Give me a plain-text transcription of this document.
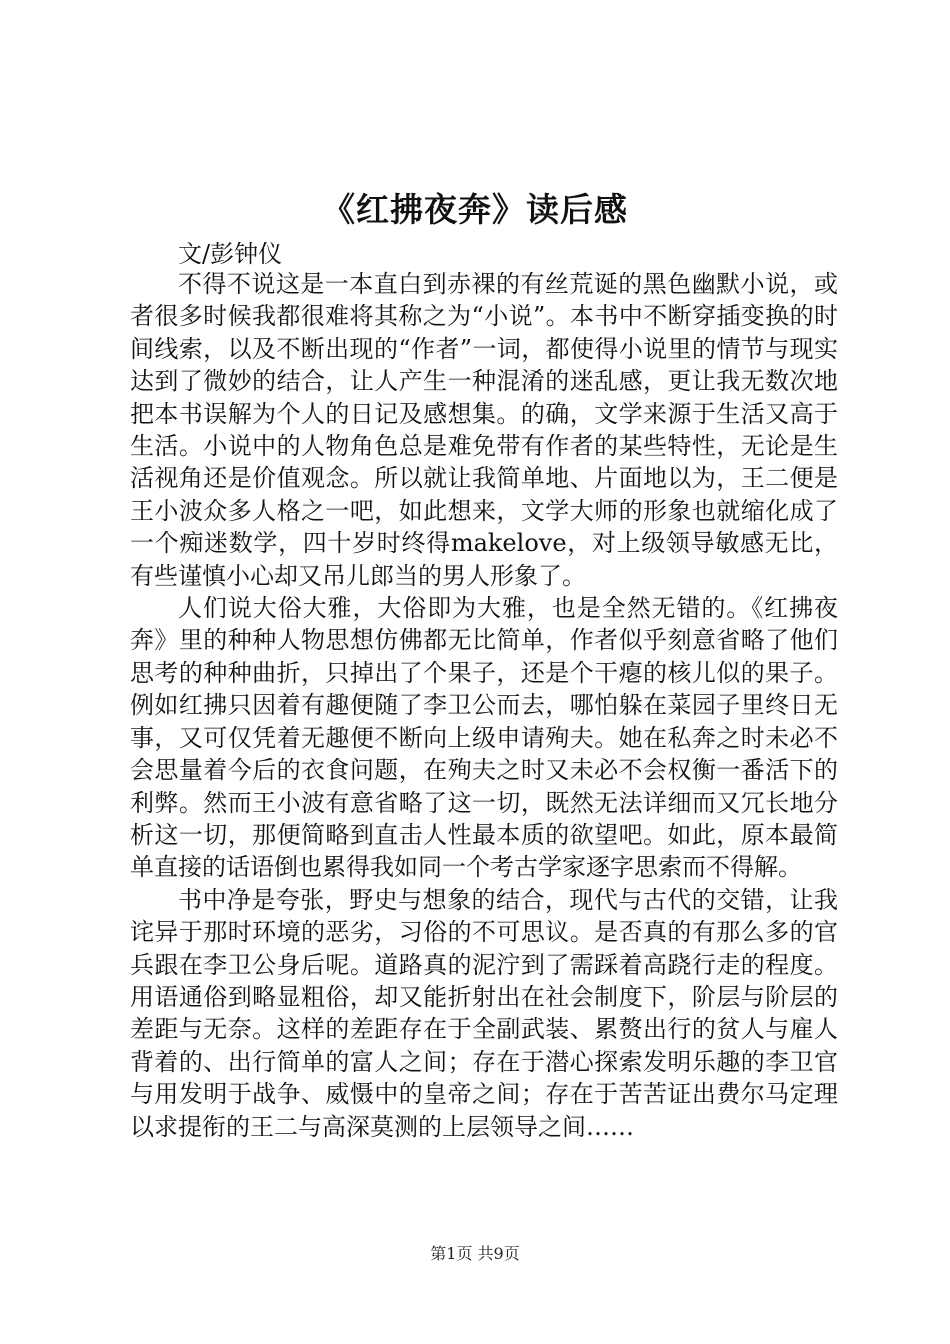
《红拂夜奔》读后感

文/彭钟仪

不得不说这是一本直白到赤裸的有丝荒诞的黑色幽默小说，或者很多时候我都很难将其称之为“小说”。本书中不断穿插变换的时间线索，以及不断出现的“作者”一词，都使得小说里的情节与现实达到了微妙的结合，让人产生一种混淆的迷乱感，更让我无数次地把本书误解为个人的日记及感想集。的确，文学来源于生活又高于生活。小说中的人物角色总是难免带有作者的某些特性，无论是生活视角还是价值观念。所以就让我简单地、片面地以为，王二便是王小波众多人格之一吧，如此想来，文学大师的形象也就缩化成了一个痴迷数学，四十岁时终得makelove，对上级领导敏感无比，有些谨慎小心却又吊儿郎当的男人形象了。

人们说大俗大雅，大俗即为大雅，也是全然无错的。《红拂夜奔》里的种种人物思想仿佛都无比简单，作者似乎刻意省略了他们思考的种种曲折，只掉出了个果子，还是个干瘪的核儿似的果子。例如红拂只因着有趣便随了李卫公而去，哪怕躲在菜园子里终日无事，又可仅凭着无趣便不断向上级申请殉夫。她在私奔之时未必不会思量着今后的衣食问题，在殉夫之时又未必不会权衡一番活下的利弊。然而王小波有意省略了这一切，既然无法详细而又冗长地分析这一切，那便简略到直击人性最本质的欲望吧。如此，原本最简单直接的话语倒也累得我如同一个考古学家逐字思索而不得解。

书中净是夸张，野史与想象的结合，现代与古代的交错，让我诧异于那时环境的恶劣，习俗的不可思议。是否真的有那么多的官兵跟在李卫公身后呢。道路真的泥泞到了需踩着高跷行走的程度。用语通俗到略显粗俗，却又能折射出在社会制度下，阶层与阶层的差距与无奈。这样的差距存在于全副武装、累赘出行的贫人与雇人背着的、出行简单的富人之间；存在于潜心探索发明乐趣的李卫官与用发明于战争、威慑中的皇帝之间；存在于苦苦证出费尔马定理以求提衔的王二与高深莫测的上层领导之间……

第1页 共9页
